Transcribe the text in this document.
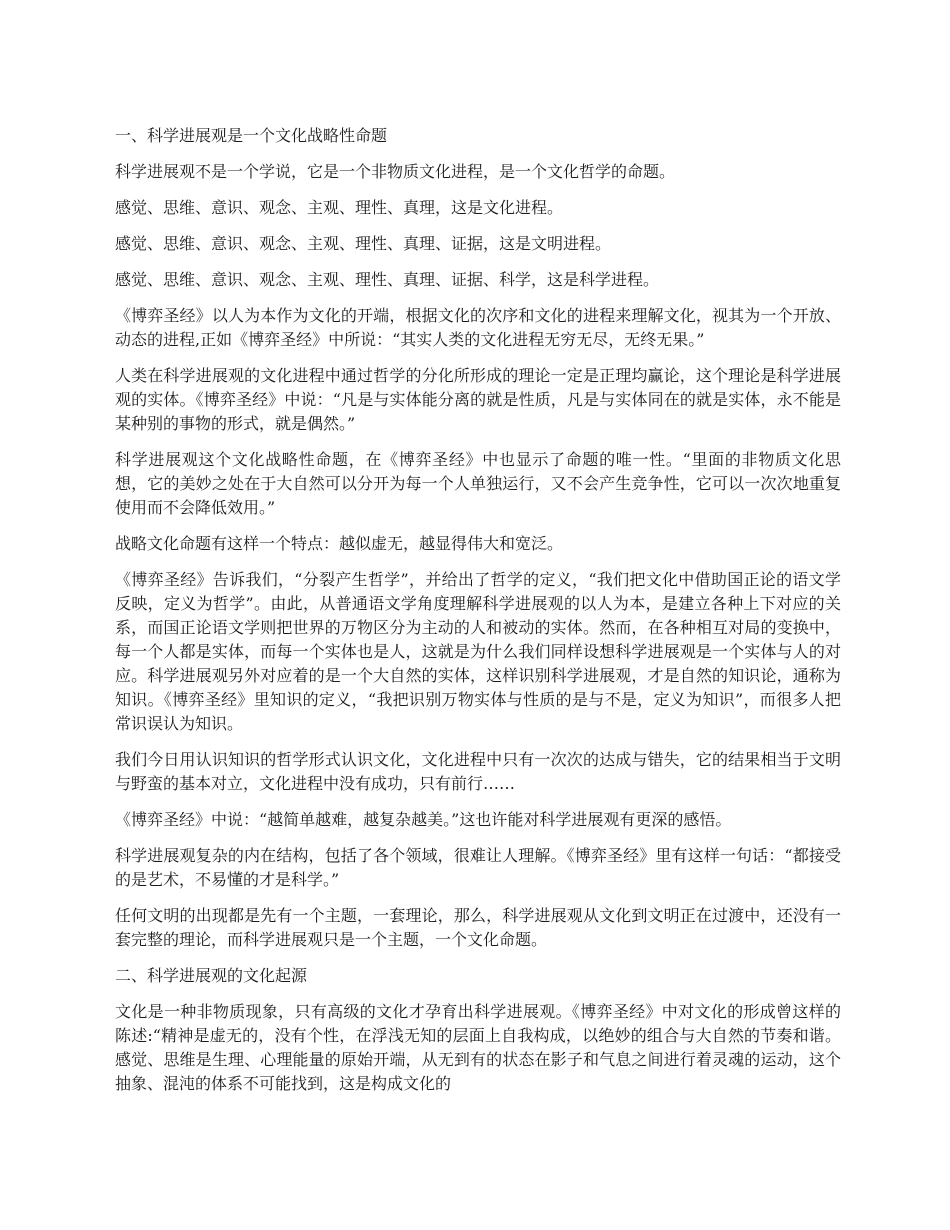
一、科学进展观是一个文化战略性命题

科学进展观不是一个学说，它是一个非物质文化进程，是一个文化哲学的命题。

感觉、思维、意识、观念、主观、理性、真理，这是文化进程。

感觉、思维、意识、观念、主观、理性、真理、证据，这是文明进程。

感觉、思维、意识、观念、主观、理性、真理、证据、科学，这是科学进程。

《博弈圣经》以人为本作为文化的开端，根据文化的次序和文化的进程来理解文化，视其为一个开放、动态的进程,正如《博弈圣经》中所说：“其实人类的文化进程无穷无尽，无终无果。”

人类在科学进展观的文化进程中通过哲学的分化所形成的理论一定是正理均赢论，这个理论是科学进展观的实体。《博弈圣经》中说：“凡是与实体能分离的就是性质，凡是与实体同在的就是实体，永不能是某种别的事物的形式，就是偶然。”

科学进展观这个文化战略性命题，在《博弈圣经》中也显示了命题的唯一性。“里面的非物质文化思想，它的美妙之处在于大自然可以分开为每一个人单独运行，又不会产生竞争性，它可以一次次地重复使用而不会降低效用。”

战略文化命题有这样一个特点：越似虚无，越显得伟大和宽泛。

《博弈圣经》告诉我们，“分裂产生哲学”，并给出了哲学的定义，“我们把文化中借助国正论的语文学反映，定义为哲学”。由此，从普通语文学角度理解科学进展观的以人为本，是建立各种上下对应的关系，而国正论语文学则把世界的万物区分为主动的人和被动的实体。然而，在各种相互对局的变换中，每一个人都是实体，而每一个实体也是人，这就是为什么我们同样设想科学进展观是一个实体与人的对应。科学进展观另外对应着的是一个大自然的实体，这样识别科学进展观，才是自然的知识论，通称为知识。《博弈圣经》里知识的定义，“我把识别万物实体与性质的是与不是，定义为知识”，而很多人把常识误认为知识。

我们今日用认识知识的哲学形式认识文化，文化进程中只有一次次的达成与错失，它的结果相当于文明与野蛮的基本对立，文化进程中没有成功，只有前行……

《博弈圣经》中说：“越简单越难，越复杂越美。”这也许能对科学进展观有更深的感悟。

科学进展观复杂的内在结构，包括了各个领域，很难让人理解。《博弈圣经》里有这样一句话：“都接受的是艺术，不易懂的才是科学。”

任何文明的出现都是先有一个主题，一套理论，那么，科学进展观从文化到文明正在过渡中，还没有一套完整的理论，而科学进展观只是一个主题，一个文化命题。

二、科学进展观的文化起源

文化是一种非物质现象，只有高级的文化才孕育出科学进展观。《博弈圣经》中对文化的形成曾这样的陈述:“精神是虚无的，没有个性，在浮浅无知的层面上自我构成，以绝妙的组合与大自然的节奏和谐。感觉、思维是生理、心理能量的原始开端，从无到有的状态在影子和气息之间进行着灵魂的运动，这个抽象、混沌的体系不可能找到，这是构成文化的
